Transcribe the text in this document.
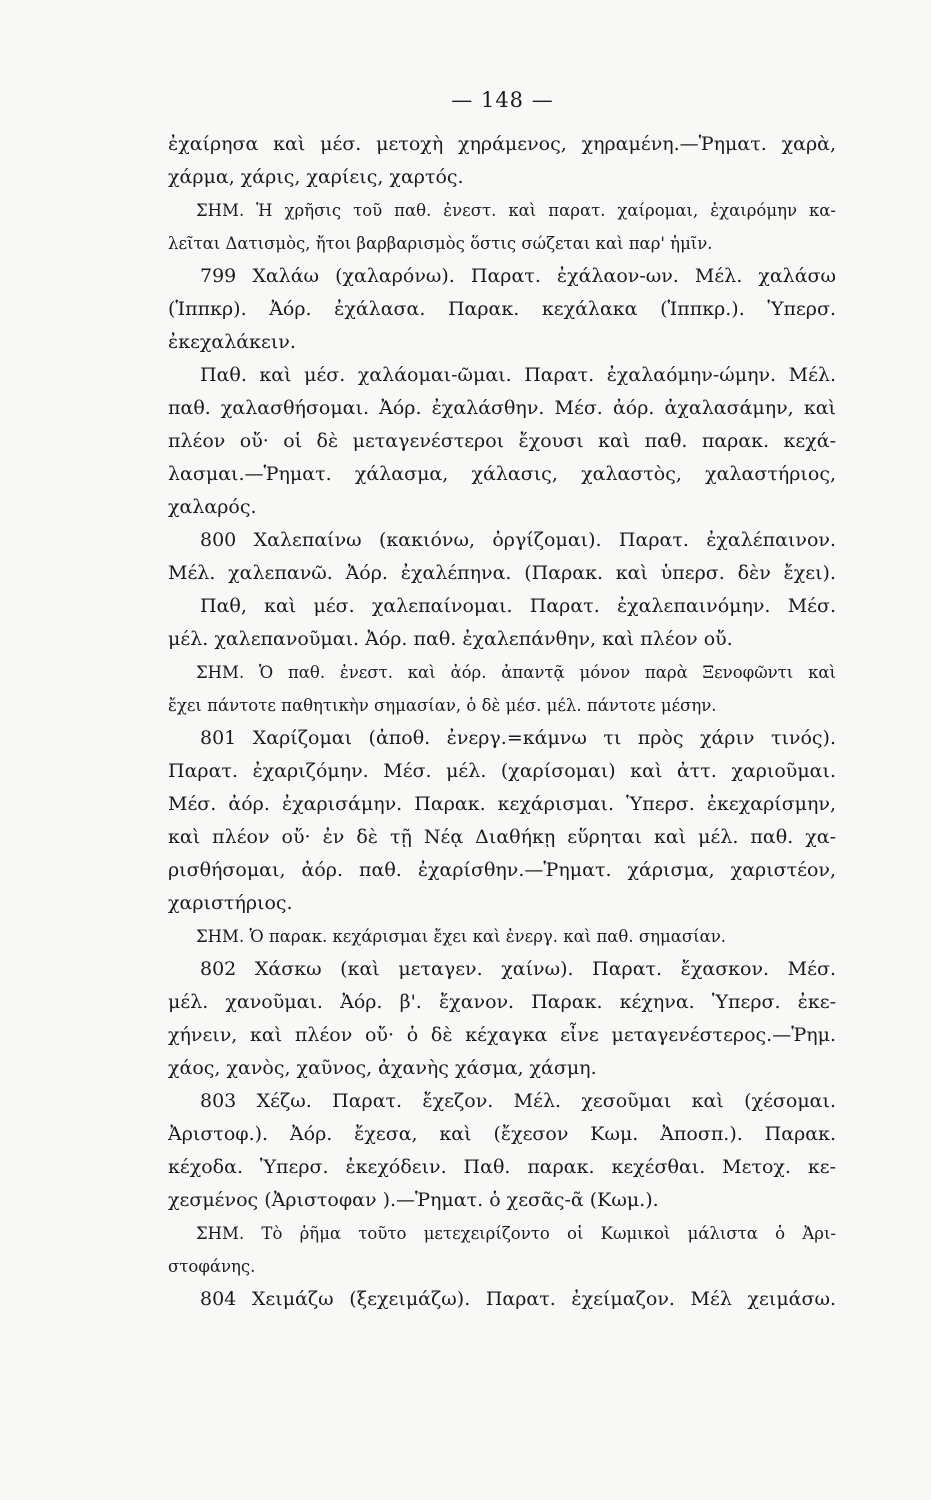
— 148 —
ἐχαίρησα καὶ μέσ. μετοχὴ χηράμενος, χηραμένη.—Ῥηματ. χαρὰ,
χάρμα, χάρις, χαρίεις, χαρτός.
ΣΗΜ. Ἡ χρῆσις τοῦ παθ. ἐνεστ. καὶ παρατ. χαίρομαι, ἐχαιρόμην κα-
λεῖται Δατισμὸς, ἤτοι βαρβαρισμὸς ὅστις σώζεται καὶ παρ' ἡμῖν.
799 Χαλάω (χαλαρόνω). Παρατ. ἐχάλαον-ων. Μέλ. χαλάσω
(Ἱππκρ). Ἀόρ. ἐχάλασα. Παρακ. κεχάλακα (Ἱππκρ.). Ὑπερσ.
ἐκεχαλάκειν.
Παθ. καὶ μέσ. χαλάομαι-ῶμαι. Παρατ. ἐχαλαόμην-ώμην. Μέλ.
παθ. χαλασθήσομαι. Ἀόρ. ἐχαλάσθην. Μέσ. ἀόρ. ἀχαλασάμην, καὶ
πλέον οὔ· οἱ δὲ μεταγενέστεροι ἔχουσι καὶ παθ. παρακ. κεχά-
λασμαι.—Ῥηματ. χάλασμα, χάλασις, χαλαστὸς, χαλαστήριος,
χαλαρός.
800 Χαλεπαίνω (κακιόνω, ὀργίζομαι). Παρατ. ἐχαλέπαινον.
Μέλ. χαλεπανῶ. Ἀόρ. ἐχαλέπηνα. (Παρακ. καὶ ὑπερσ. δὲν ἔχει).
Παθ, καὶ μέσ. χαλεπαίνομαι. Παρατ. ἐχαλεπαινόμην. Μέσ.
μέλ. χαλεπανοῦμαι. Ἀόρ. παθ. ἐχαλεπάνθην, καὶ πλέον οὔ.
ΣΗΜ. Ὁ παθ. ἐνεστ. καὶ ἀόρ. ἀπαντᾷ μόνον παρὰ Ξενοφῶντι καὶ
ἔχει πάντοτε παθητικὴν σημασίαν, ὁ δὲ μέσ. μέλ. πάντοτε μέσην.
801 Χαρίζομαι (ἀποθ. ἐνεργ.=κάμνω τι πρὸς χάριν τινός).
Παρατ. ἐχαριζόμην. Μέσ. μέλ. (χαρίσομαι) καὶ ἀττ. χαριοῦμαι.
Μέσ. ἀόρ. ἐχαρισάμην. Παρακ. κεχάρισμαι. Ὑπερσ. ἐκεχαρίσμην,
καὶ πλέον οὔ· ἐν δὲ τῇ Νέᾳ Διαθήκῃ εὕρηται καὶ μέλ. παθ. χα-
ρισθήσομαι, ἀόρ. παθ. ἐχαρίσθην.—Ῥηματ. χάρισμα, χαριστέον,
χαριστήριος.
ΣΗΜ. Ὁ παρακ. κεχάρισμαι ἔχει καὶ ἐνεργ. καὶ παθ. σημασίαν.
802 Χάσκω (καὶ μεταγεν. χαίνω). Παρατ. ἔχασκον. Μέσ.
μέλ. χανοῦμαι. Ἀόρ. β'. ἔχανον. Παρακ. κέχηνα. Ὑπερσ. ἐκε-
χήνειν, καὶ πλέον οὔ· ὁ δὲ κέχαγκα εἶνε μεταγενέστερος.—Ῥημ.
χάος, χανὸς, χαῦνος, ἀχανὴς χάσμα, χάσμη.
803 Χέζω. Παρατ. ἔχεζον. Μέλ. χεσοῦμαι καὶ (χέσομαι.
Ἀριστοφ.). Ἀόρ. ἔχεσα, καὶ (ἔχεσον Κωμ. Ἀποσπ.). Παρακ.
κέχοδα. Ὑπερσ. ἐκεχόδειν. Παθ. παρακ. κεχέσθαι. Μετοχ. κε-
χεσμένος (Ἀριστοφαν ).—Ῥηματ. ὁ χεσᾶς-ᾶ (Κωμ.).
ΣΗΜ. Τὸ ῥῆμα τοῦτο μετεχειρίζοντο οἱ Κωμικοὶ μάλιστα ὁ Ἀρι-
στοφάνης.
804 Χειμάζω (ξεχειμάζω). Παρατ. ἐχείμαζον. Μέλ χειμάσω.
